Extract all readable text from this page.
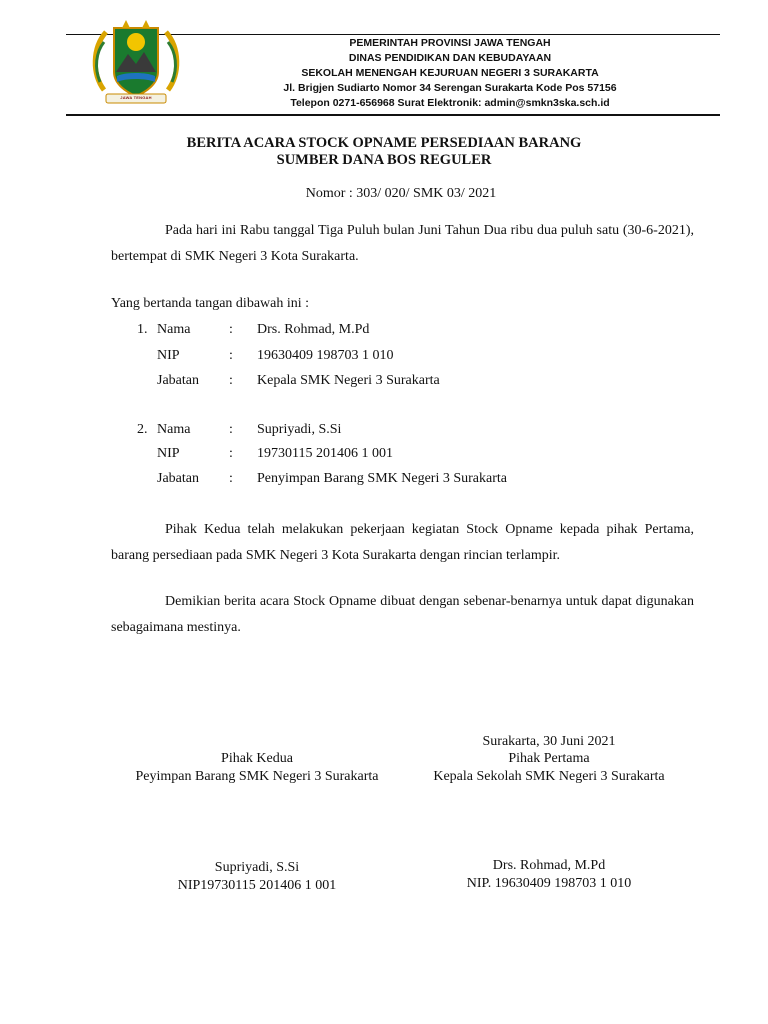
JAWA TENGAH
PEMERINTAH PROVINSI JAWA TENGAH
DINAS PENDIDIKAN DAN KEBUDAYAAN
SEKOLAH MENENGAH KEJURUAN NEGERI 3 SURAKARTA
Jl. Brigjen Sudiarto Nomor 34 Serengan Surakarta Kode Pos 57156
Telepon 0271-656968 Surat Elektronik: admin@smkn3ska.sch.id
BERITA ACARA STOCK OPNAME PERSEDIAAN BARANG
SUMBER DANA BOS REGULER
Nomor : 303/ 020/ SMK 03/ 2021
Pada hari ini Rabu tanggal Tiga Puluh bulan Juni Tahun Dua ribu dua puluh satu (30-6-2021), bertempat di SMK Negeri 3 Kota Surakarta.
Yang bertanda tangan dibawah ini :
1. Nama	: Drs. Rohmad, M.Pd
NIP	: 19630409 198703 1 010
Jabatan : Kepala SMK Negeri 3 Surakarta
2. Nama	: Supriyadi, S.Si
NIP	: 19730115 201406 1 001
Jabatan : Penyimpan Barang SMK Negeri 3 Surakarta
Pihak Kedua telah melakukan pekerjaan kegiatan Stock Opname kepada pihak Pertama, barang persediaan pada SMK Negeri 3 Kota Surakarta dengan rincian terlampir.
Demikian berita acara Stock Opname dibuat dengan sebenar-benarnya untuk dapat digunakan sebagaimana mestinya.
Surakarta, 30 Juni 2021
Pihak Kedua
Peyimpan Barang SMK Negeri 3 Surakarta
Pihak Pertama
Kepala Sekolah SMK Negeri 3 Surakarta
Supriyadi, S.Si
NIP19730115 201406 1 001
Drs. Rohmad, M.Pd
NIP. 19630409 198703 1 010
